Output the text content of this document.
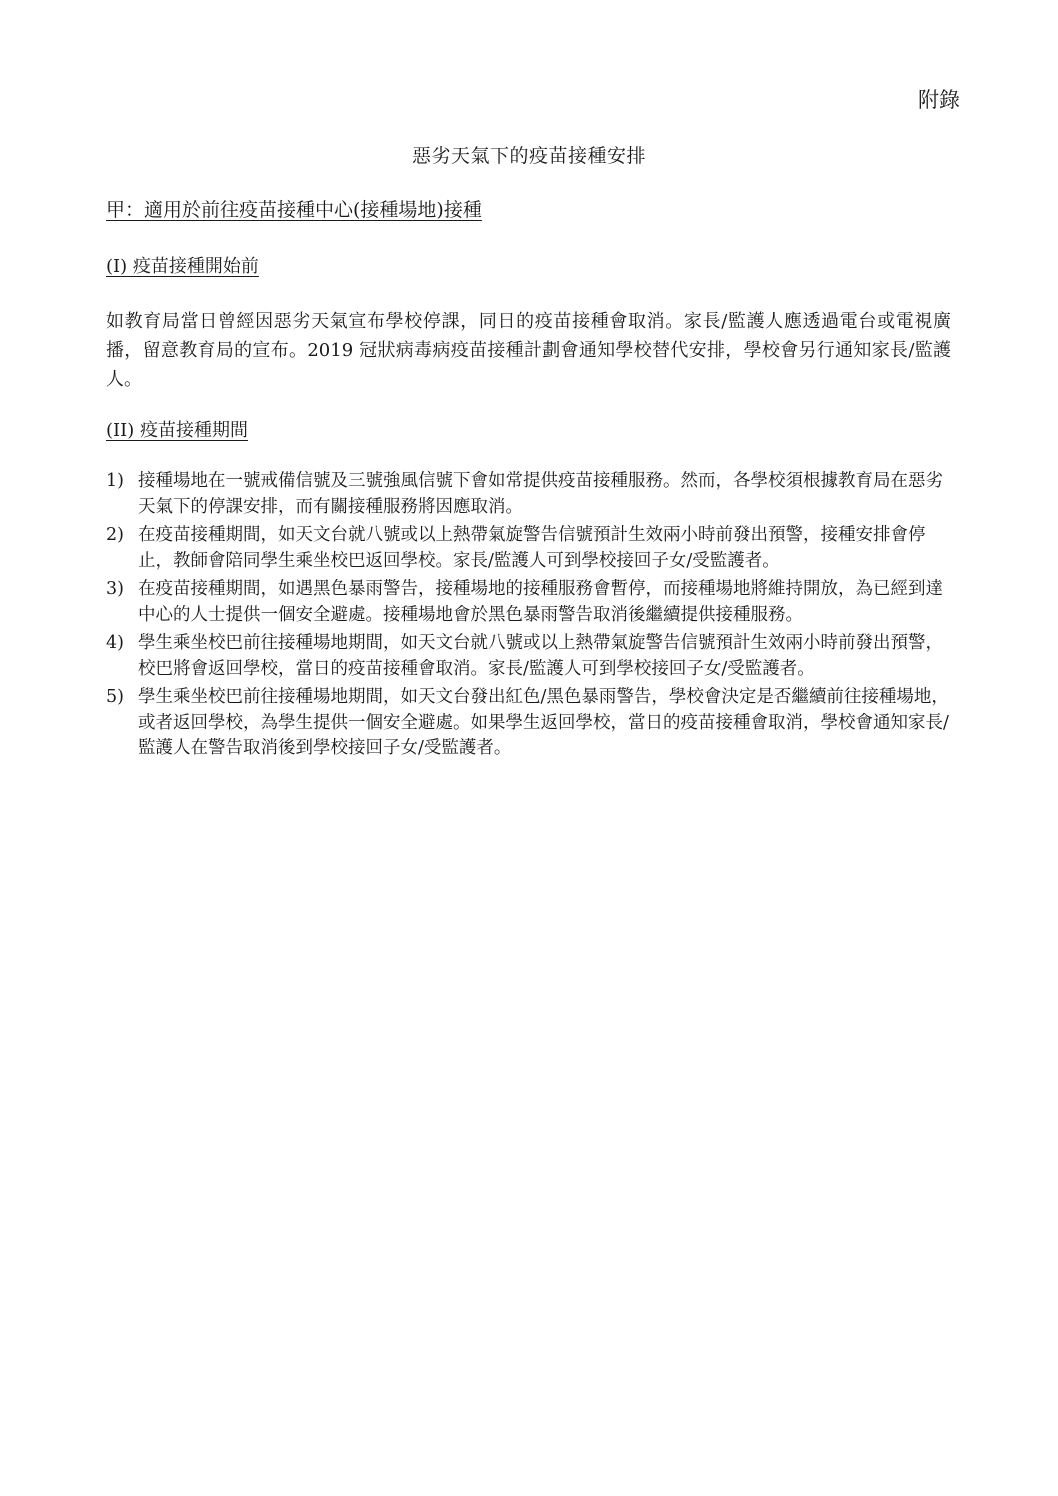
附錄
惡劣天氣下的疫苗接種安排
甲：適用於前往疫苗接種中心(接種場地)接種
(I) 疫苗接種開始前
如教育局當日曾經因惡劣天氣宣布學校停課，同日的疫苗接種會取消。家長/監護人應透過電台或電視廣播，留意教育局的宣布。2019 冠狀病毒病疫苗接種計劃會通知學校替代安排，學校會另行通知家長/監護人。
(II) 疫苗接種期間
1) 接種場地在一號戒備信號及三號強風信號下會如常提供疫苗接種服務。然而，各學校須根據教育局在惡劣天氣下的停課安排，而有關接種服務將因應取消。
2) 在疫苗接種期間，如天文台就八號或以上熱帶氣旋警告信號預計生效兩小時前發出預警，接種安排會停止，教師會陪同學生乘坐校巴返回學校。家長/監護人可到學校接回子女/受監護者。
3) 在疫苗接種期間，如遇黑色暴雨警告，接種場地的接種服務會暫停，而接種場地將維持開放，為已經到達中心的人士提供一個安全避處。接種場地會於黑色暴雨警告取消後繼續提供接種服務。
4) 學生乘坐校巴前往接種場地期間，如天文台就八號或以上熱帶氣旋警告信號預計生效兩小時前發出預警，校巴將會返回學校，當日的疫苗接種會取消。家長/監護人可到學校接回子女/受監護者。
5) 學生乘坐校巴前往接種場地期間，如天文台發出紅色/黑色暴雨警告，學校會決定是否繼續前往接種場地，或者返回學校，為學生提供一個安全避處。如果學生返回學校，當日的疫苗接種會取消，學校會通知家長/監護人在警告取消後到學校接回子女/受監護者。
